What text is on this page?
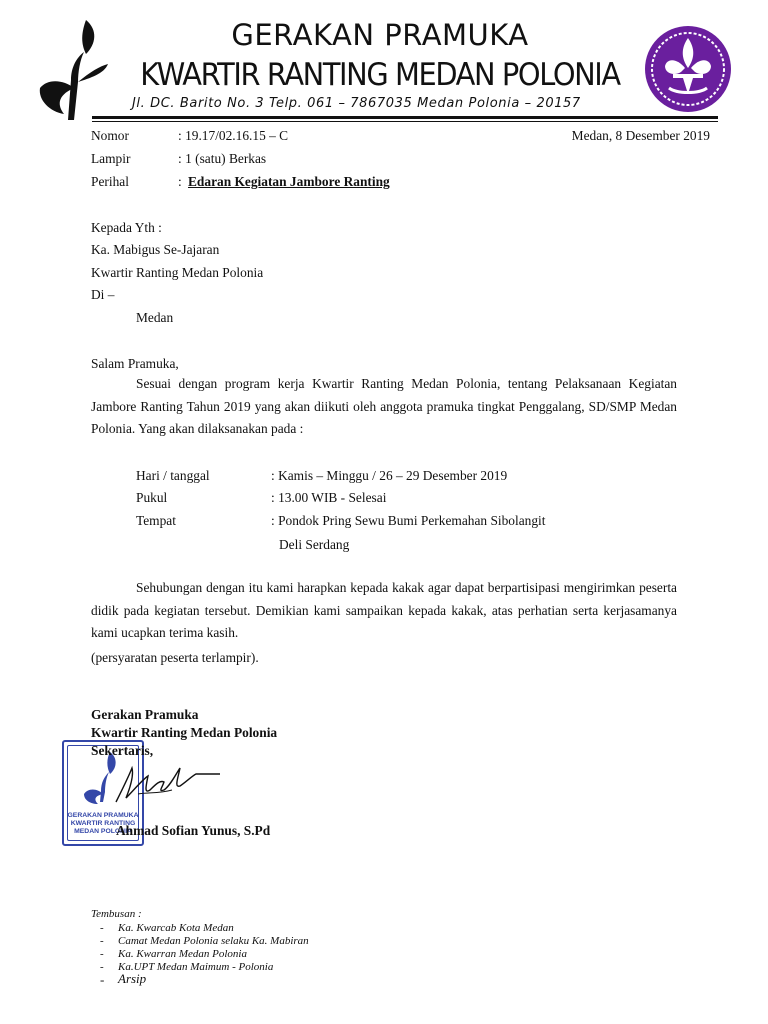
GERAKAN PRAMUKA
KWARTIR RANTING MEDAN POLONIA
Jl. DC. Barito No. 3 Telp. 061 – 7867035 Medan Polonia – 20157
Nomor	: 19.17/02.16.15 – C	Medan, 8 Desember 2019
Lampir	: 1 (satu) Berkas
Perihal	: Edaran Kegiatan Jambore Ranting
Kepada Yth :
Ka. Mabigus Se-Jajaran
Kwartir Ranting Medan Polonia
Di –
Medan
Salam Pramuka,
Sesuai dengan program kerja Kwartir Ranting Medan Polonia, tentang Pelaksanaan Kegiatan Jambore Ranting Tahun 2019 yang akan diikuti oleh anggota pramuka tingkat Penggalang, SD/SMP Medan Polonia. Yang akan dilaksanakan pada :
Hari / tanggal	: Kamis – Minggu / 26 – 29 Desember 2019
Pukul	: 13.00 WIB - Selesai
Tempat	: Pondok Pring Sewu Bumi Perkemahan Sibolangit
Deli Serdang
Sehubungan dengan itu kami harapkan kepada kakak agar dapat berpartisipasi mengirimkan peserta didik pada kegiatan tersebut. Demikian kami sampaikan kepada kakak, atas perhatian serta kerjasamanya kami ucapkan terima kasih.
(persyaratan peserta terlampir).
GERAKAN PRAMUKA
KWARTIR RANTING
MEDAN POLONIA
Gerakan Pramuka
Kwartir Ranting Medan Polonia
Sekertaris,
Ahmad Sofian Yunus, S.Pd
Tembusan :
- Ka. Kwarcab Kota Medan
- Camat Medan Polonia selaku Ka. Mabiran
- Ka. Kwarran Medan Polonia
- Ka.UPT Medan Maimum - Polonia
- Arsip
